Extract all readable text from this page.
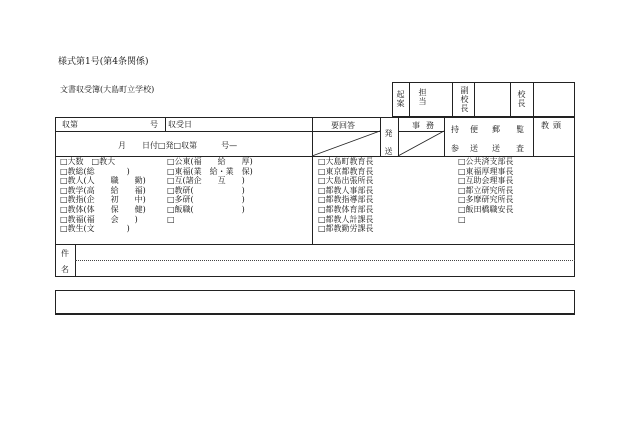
様式第1号(第4条関係)
文書収受簿(大島町立学校)
起案
担当
副校長
校長
収第	号 収受日
月　　日付□発□収第　　　号—
要回答
発送
事務 持
参
便
送
郵
送
覧
査
教頭
□大数　□教大
□教総(総　　　　)
□教人(人　　職　　勤)
□教学(高　　給　　福)
□教指(企　　初　　中)
□教体(体　　保　　健)
□教福(福　　会　　)
□教生(文　　　　)
□公東(福　　給　　厚)
□東福(業　給・業　保)
□互(諸企　　互　　)
□教研(　　　　　　)
□多研(　　　　　　)
□飯職(　　　　　　)
□
□大島町教育長
□東京都教育長
□大島出張所長
□都教人事部長
□都教指導部長
□都教体育部長
□都教人計課長
□都教勤労課長
□公共済支部長
□東福厚理事長
□互助会理事長
□都立研究所長
□多摩研究所長
□飯田橋職安長
□
件
名
